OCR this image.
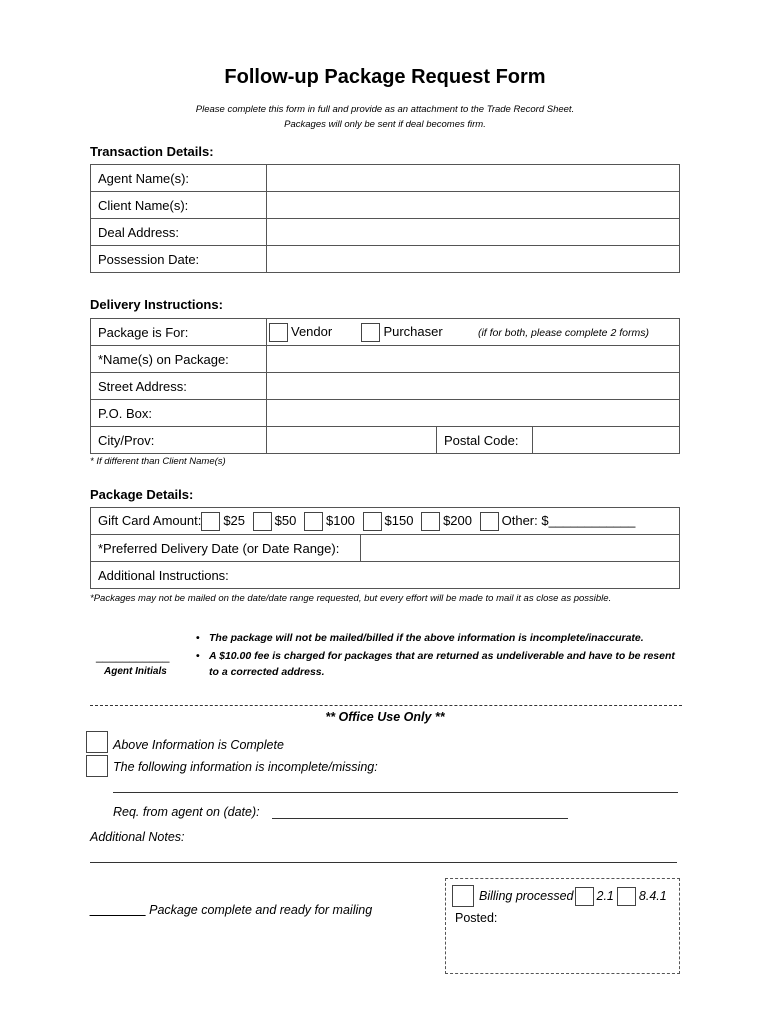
Follow-up Package Request Form
Please complete this form in full and provide as an attachment to the Trade Record Sheet.
Packages will only be sent if deal becomes firm.
Transaction Details:
Agent Name(s):	
Client Name(s):	
Deal Address:	
Possession Date:	
Delivery Instructions:
Package is For:	Vendor Purchaser (if for both, please complete 2 forms)		
*Name(s) on Package:			
Street Address:			
P.O. Box:			
City/Prov:		Postal Code:	
* If different than Client Name(s)
Package Details:
Gift Card Amount: $25 $50 $100 $150 $200 Other: $____________
*Preferred Delivery Date (or Date Range):	
Additional Instructions:
*Packages may not be mailed on the date/date range requested, but every effort will be made to mail it as close as possible.
___________
Agent Initials
• The package will not be mailed/billed if the above information is incomplete/inaccurate.
• A $10.00 fee is charged for packages that are returned as undeliverable and have to be resent to a corrected address.
** Office Use Only **
Above Information is Complete
The following information is incomplete/missing:
Req. from agent on (date):
Additional Notes:
________ Package complete and ready for mailing
Billing processed 2.1 8.4.1
Posted:
